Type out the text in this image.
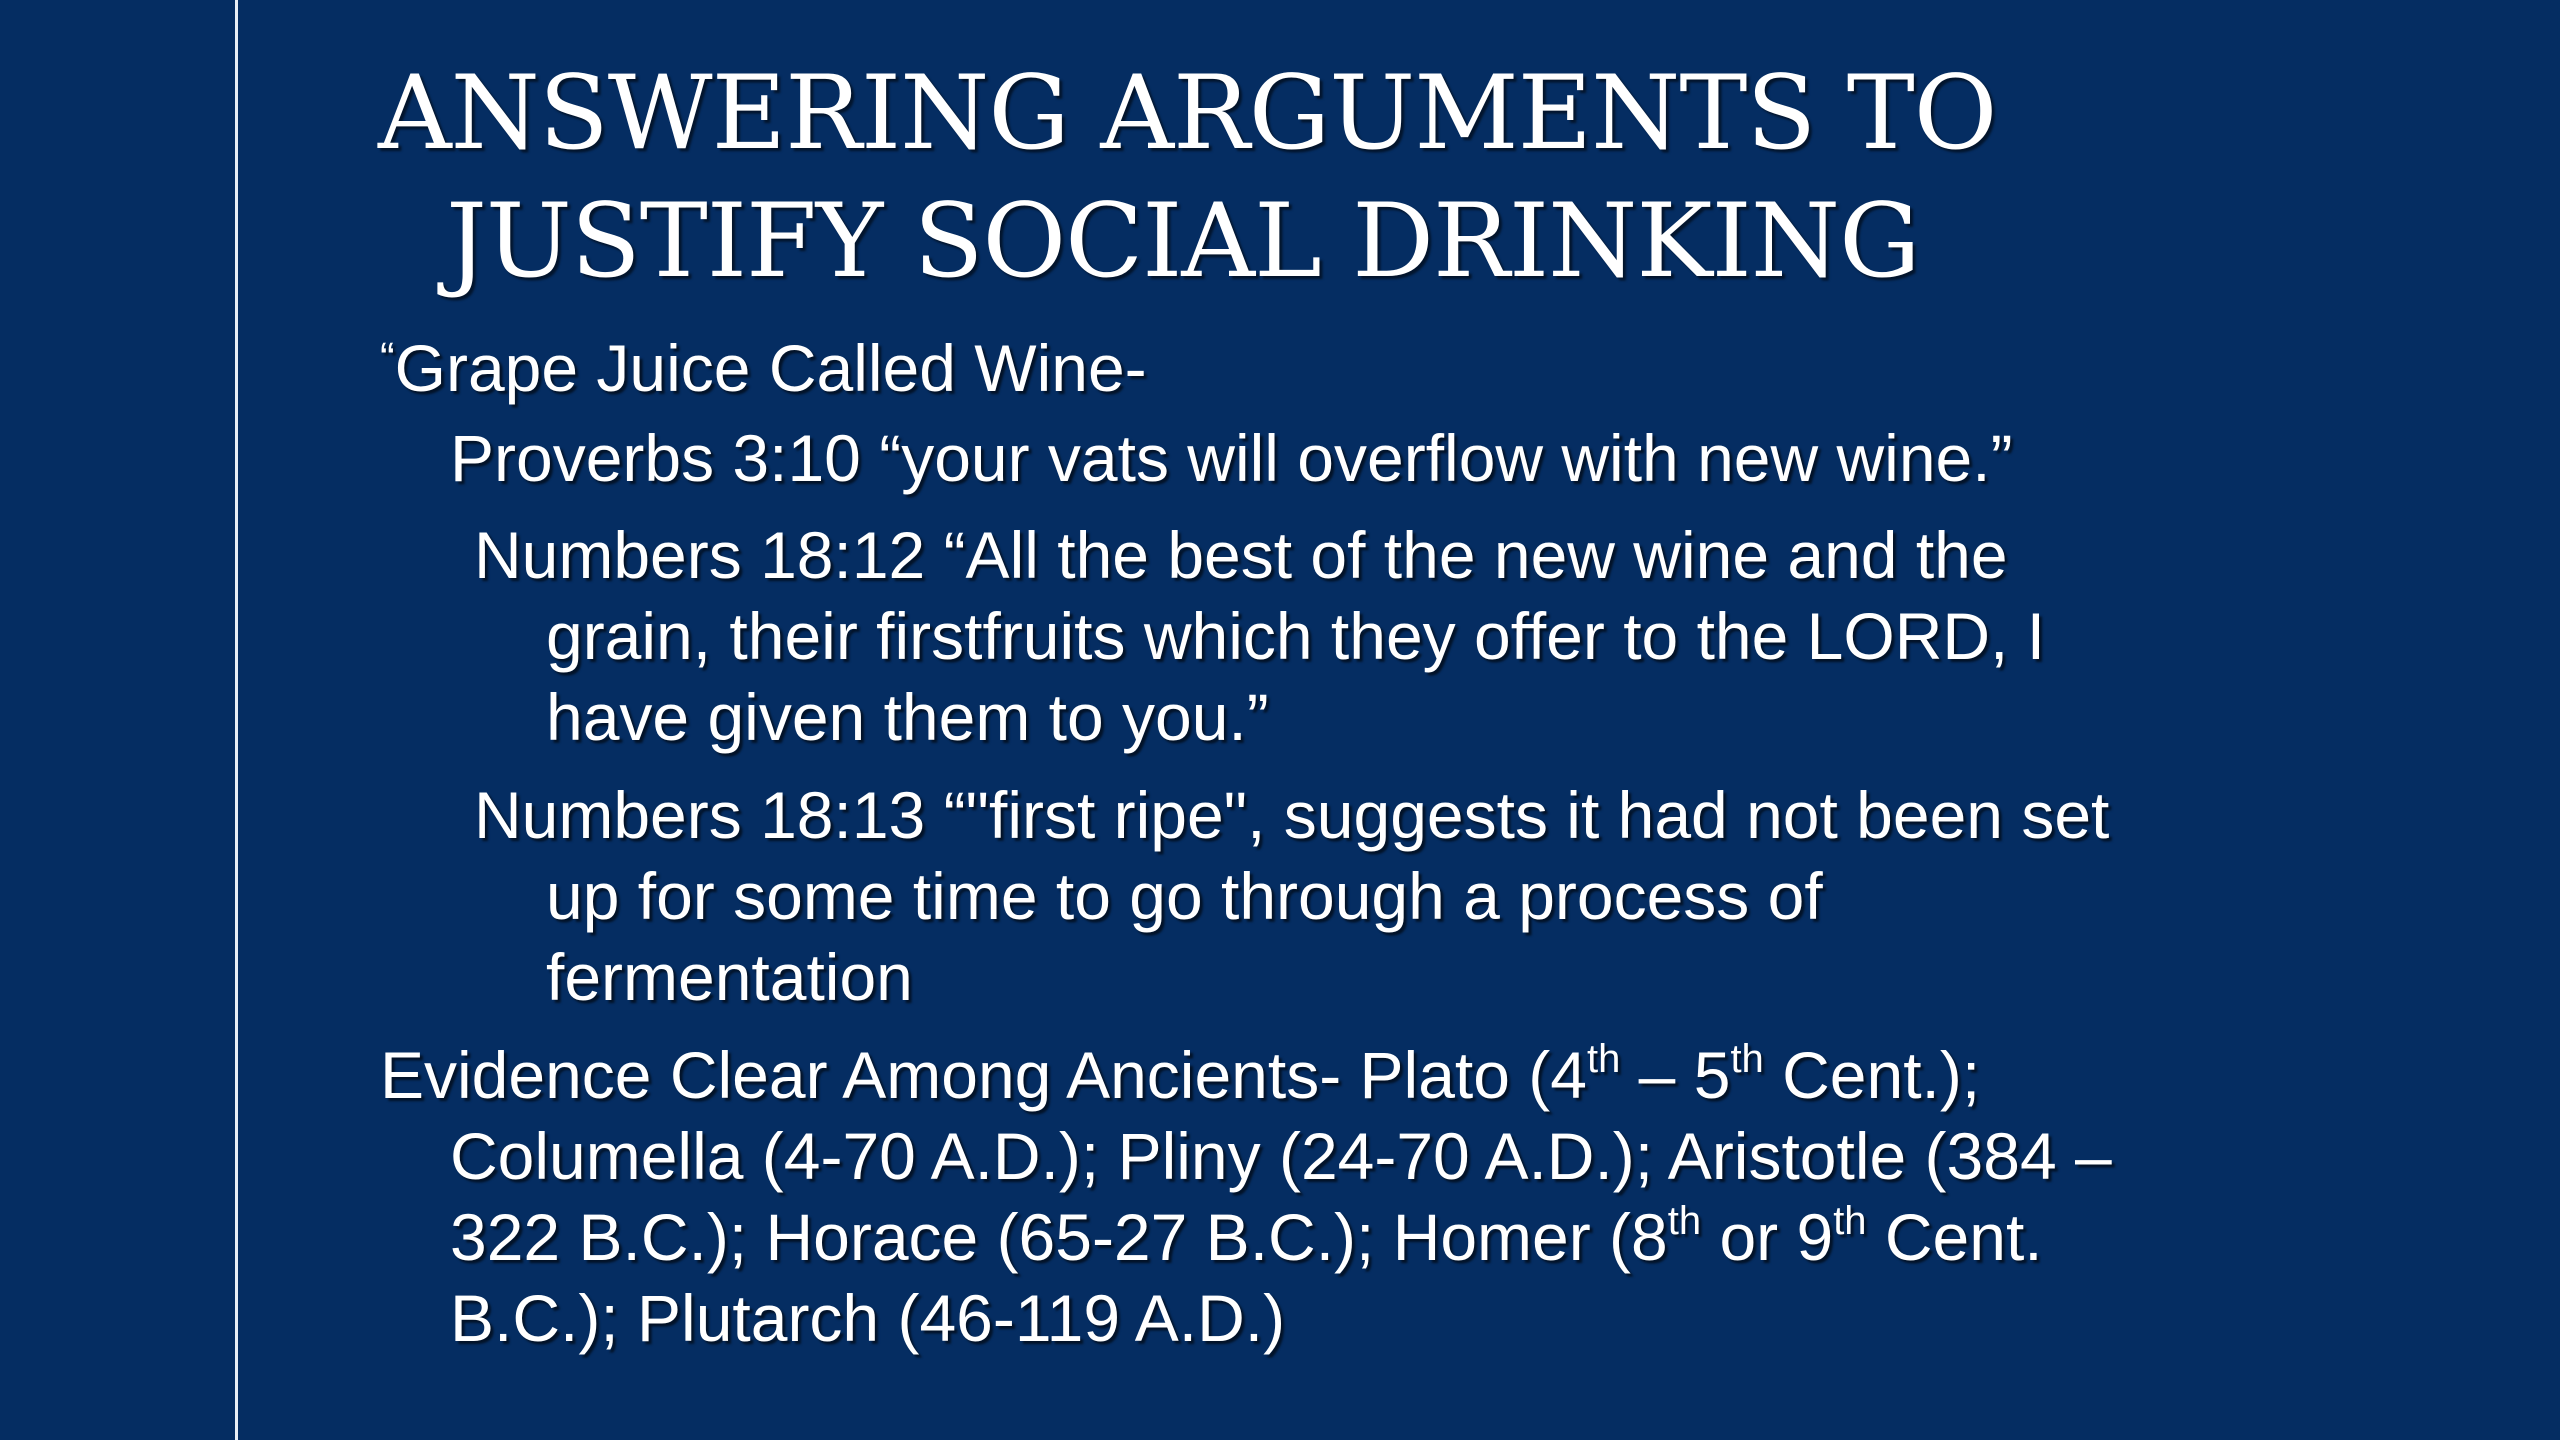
ANSWERING ARGUMENTS TO
JUSTIFY SOCIAL DRINKING

“Grape Juice Called Wine-

Proverbs 3:10 “your vats will overflow with new wine.”

Numbers 18:12 “All the best of the new wine and the
grain, their firstfruits which they offer to the LORD, I
have given them to you.”

Numbers 18:13 “"first ripe", suggests it had not been set
up for some time to go through a process of
fermentation

Evidence Clear Among Ancients- Plato (4th – 5th Cent.);
Columella (4-70 A.D.); Pliny (24-70 A.D.); Aristotle (384 –
322 B.C.); Horace (65-27 B.C.); Homer (8th or 9th Cent.
B.C.); Plutarch (46-119 A.D.)
